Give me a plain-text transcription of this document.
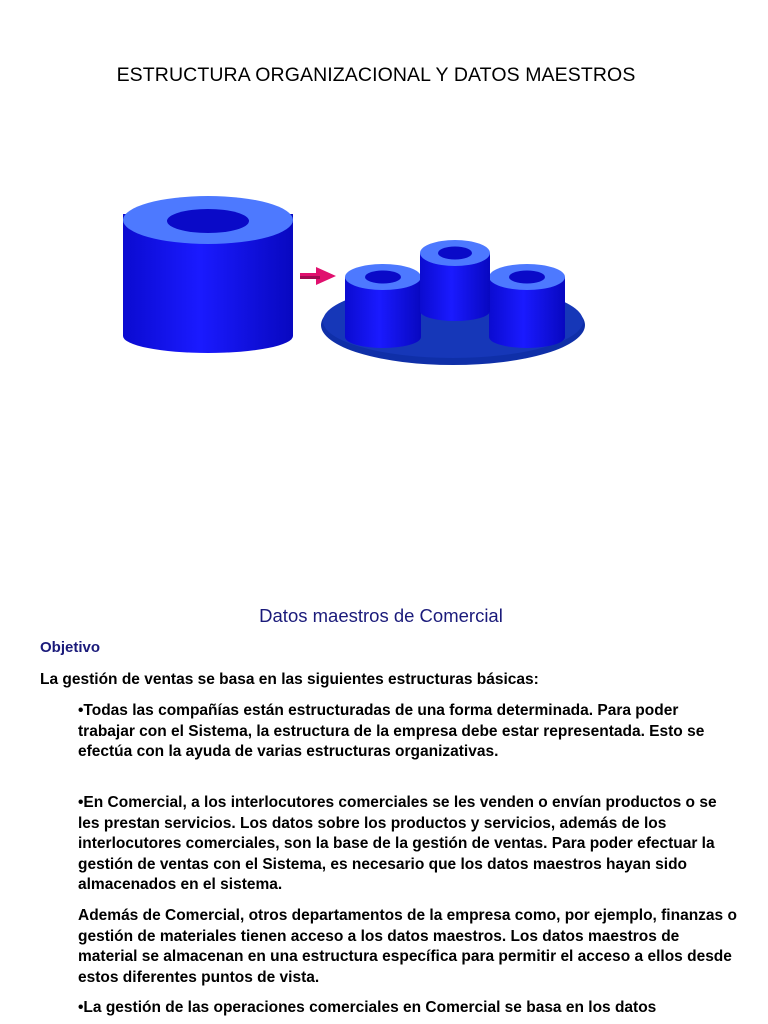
ESTRUCTURA ORGANIZACIONAL Y DATOS MAESTROS
Datos maestros de Comercial
Objetivo
La gestión de ventas se basa en las siguientes estructuras básicas:
•Todas las compañías están estructuradas de una forma determinada. Para poder trabajar con el Sistema, la estructura de la empresa debe estar representada. Esto se efectúa con la ayuda de varias estructuras organizativas.
•En Comercial, a los interlocutores comerciales se les venden o envían productos o se les prestan servicios. Los datos sobre los productos y servicios, además de los interlocutores comerciales, son la base de la gestión de ventas. Para poder efectuar la gestión de ventas con el Sistema, es necesario que los datos maestros hayan sido almacenados en el sistema.
Además de Comercial, otros departamentos de la empresa como, por ejemplo, finanzas o gestión de materiales tienen acceso a los datos maestros. Los datos maestros de material se almacenan en una estructura específica para permitir el acceso a ellos desde estos diferentes puntos de vista.
•La gestión de las operaciones comerciales en Comercial se basa en los datos
